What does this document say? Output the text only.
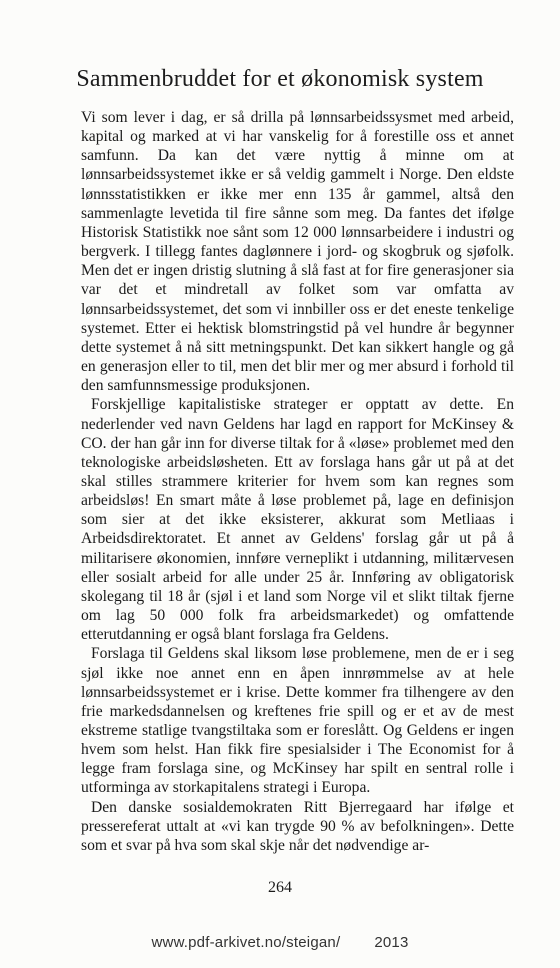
Sammenbruddet for et økonomisk system

Vi som lever i dag, er så drilla på lønnsarbeidssysmet med arbeid, kapital og marked at vi har vanskelig for å forestille oss et annet samfunn. Da kan det være nyttig å minne om at lønnsarbeidssystemet ikke er så veldig gammelt i Norge. Den eldste lønnsstatistikken er ikke mer enn 135 år gammel, altså den sammenlagte levetida til fire sånne som meg. Da fantes det ifølge Historisk Statistikk noe sånt som 12 000 lønnsarbeidere i industri og bergverk. I tillegg fantes daglønnere i jord- og skogbruk og sjøfolk. Men det er ingen dristig slutning å slå fast at for fire generasjoner sia var det et mindretall av folket som var omfatta av lønnsarbeidssystemet, det som vi innbiller oss er det eneste tenkelige systemet. Etter ei hektisk blomstringstid på vel hundre år begynner dette systemet å nå sitt metningspunkt. Det kan sikkert hangle og gå en generasjon eller to til, men det blir mer og mer absurd i forhold til den samfunnsmessige produksjonen.

Forskjellige kapitalistiske strateger er opptatt av dette. En nederlender ved navn Geldens har lagd en rapport for McKinsey & CO. der han går inn for diverse tiltak for å «løse» problemet med den teknologiske arbeidsløsheten. Ett av forslaga hans går ut på at det skal stilles strammere kriterier for hvem som kan regnes som arbeidsløs! En smart måte å løse problemet på, lage en definisjon som sier at det ikke eksisterer, akkurat som Metliaas i Arbeidsdirektoratet. Et annet av Geldens' forslag går ut på å militarisere økonomien, innføre verneplikt i utdanning, militærvesen eller sosialt arbeid for alle under 25 år. Innføring av obligatorisk skolegang til 18 år (sjøl i et land som Norge vil et slikt tiltak fjerne om lag 50 000 folk fra arbeidsmarkedet) og omfattende etterutdanning er også blant forslaga fra Geldens.

Forslaga til Geldens skal liksom løse problemene, men de er i seg sjøl ikke noe annet enn en åpen innrømmelse av at hele lønnsarbeidssystemet er i krise. Dette kommer fra tilhengere av den frie markedsdannelsen og kreftenes frie spill og er et av de mest ekstreme statlige tvangstiltaka som er foreslått. Og Geldens er ingen hvem som helst. Han fikk fire spesialsider i The Economist for å legge fram forslaga sine, og McKinsey har spilt en sentral rolle i utforminga av storkapitalens strategi i Europa.

Den danske sosialdemokraten Ritt Bjerregaard har ifølge et pressereferat uttalt at «vi kan trygde 90 % av befolkningen». Dette som et svar på hva som skal skje når det nødvendige ar-

264
www.pdf-arkivet.no/steigan/ 2013
